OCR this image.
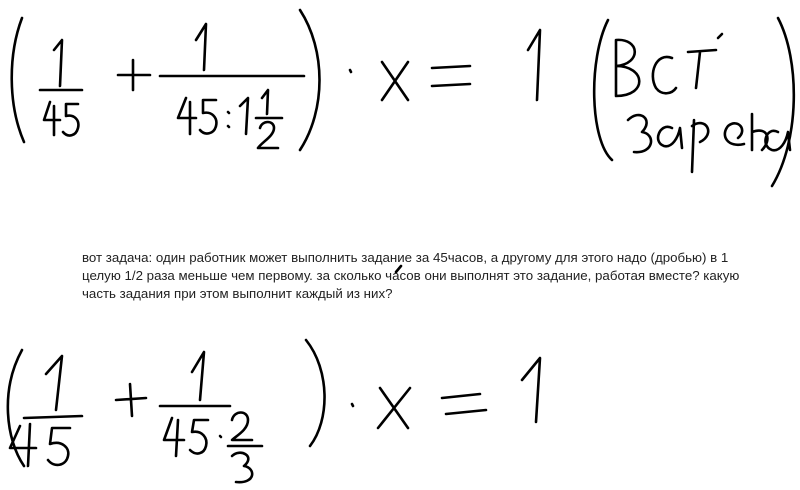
вот задача: один работник может выполнить задание за 45часов, а другому для этого надо (дробью) в 1
целую 1/2 раза меньше чем первому. за сколько часов они выполнят это задание, работая вместе? какую
часть задания при этом выполнит каждый из них?
